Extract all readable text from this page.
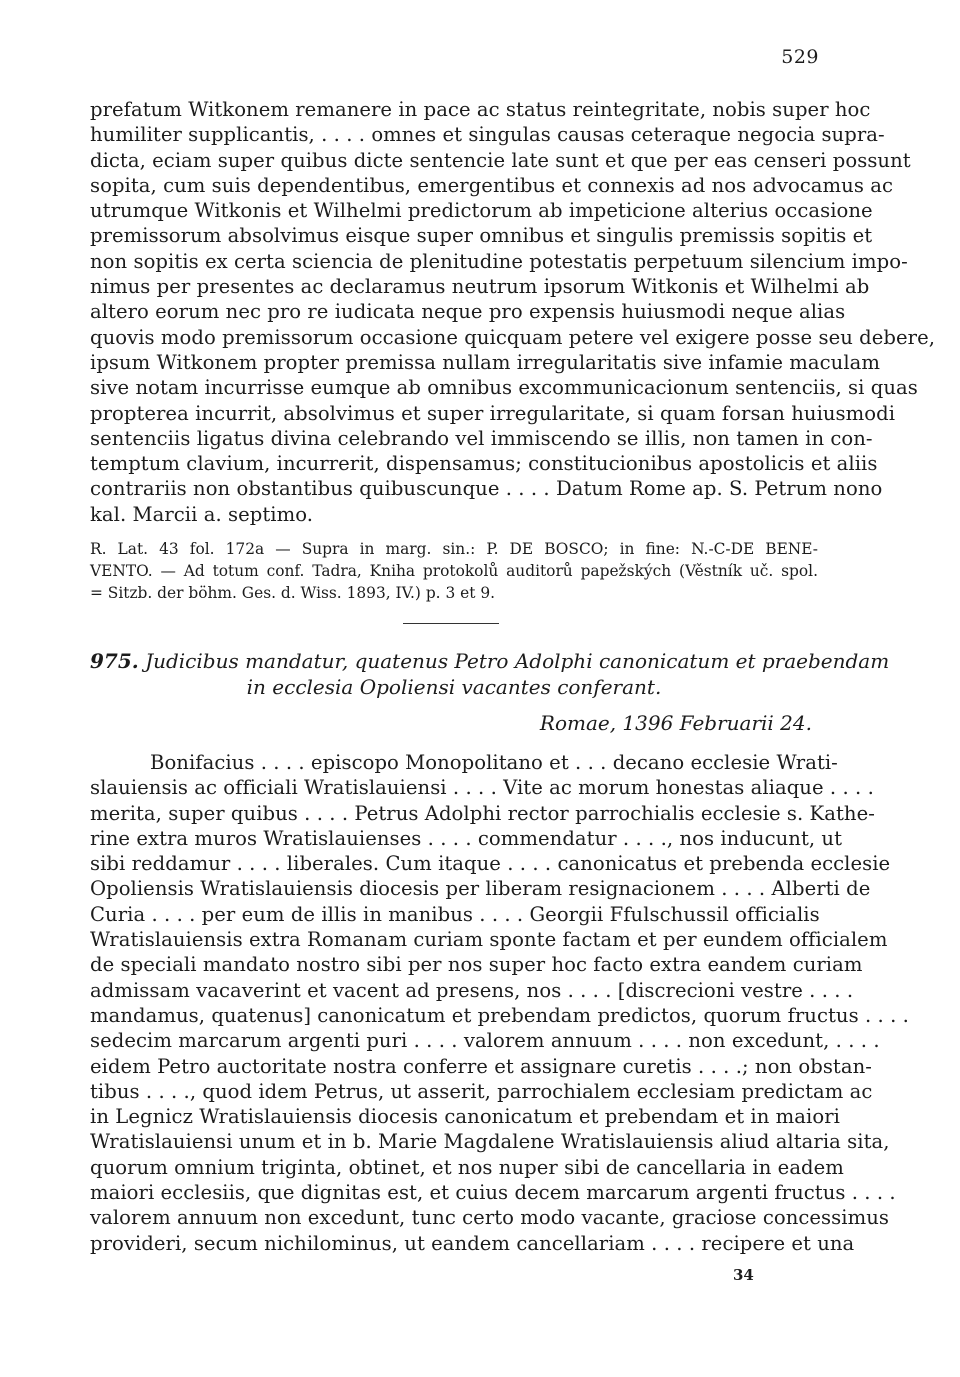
529
prefatum Witkonem remanere in pace ac status reintegritate, nobis super hoc
humiliter supplicantis, . . . . omnes et singulas causas ceteraque negocia supra-
dicta, eciam super quibus dicte sentencie late sunt et que per eas censeri possunt
sopita, cum suis dependentibus, emergentibus et connexis ad nos advocamus ac
utrumque Witkonis et Wilhelmi predictorum ab impeticione alterius occasione
premissorum absolvimus eisque super omnibus et singulis premissis sopitis et
non sopitis ex certa sciencia de plenitudine potestatis perpetuum silencium impo-
nimus per presentes ac declaramus neutrum ipsorum Witkonis et Wilhelmi ab
altero eorum nec pro re iudicata neque pro expensis huiusmodi neque alias
quovis modo premissorum occasione quicquam petere vel exigere posse seu debere,
ipsum Witkonem propter premissa nullam irregularitatis sive infamie maculam
sive notam incurrisse eumque ab omnibus excommunicacionum sentenciis, si quas
propterea incurrit, absolvimus et super irregularitate, si quam forsan huiusmodi
sentenciis ligatus divina celebrando vel immiscendo se illis, non tamen in con-
temptum clavium, incurrerit, dispensamus; constitucionibus apostolicis et aliis
contrariis non obstantibus quibuscunque . . . . Datum Rome ap. S. Petrum nono
kal. Marcii a. septimo.
R. Lat. 43 fol. 172a — Supra in marg. sin.: P. DE BOSCO; in fine: N.-C-DE BENE-
VENTO. — Ad totum conf. Tadra, Kniha protokolů auditorů papežských (Věstník uč. spol.
= Sitzb. der böhm. Ges. d. Wiss. 1893, IV.) p. 3 et 9.
975. Judicibus mandatur, quatenus Petro Adolphi canonicatum et praebendam
in ecclesia Opoliensi vacantes conferant.
Romae, 1396 Februarii 24.
Bonifacius . . . . episcopo Monopolitano et . . . decano ecclesie Wrati-
slauiensis ac officiali Wratislauiensi . . . . Vite ac morum honestas aliaque . . . .
merita, super quibus . . . . Petrus Adolphi rector parrochialis ecclesie s. Kathe-
rine extra muros Wratislauienses . . . . commendatur . . . ., nos inducunt, ut
sibi reddamur . . . . liberales. Cum itaque . . . . canonicatus et prebenda ecclesie
Opoliensis Wratislauiensis diocesis per liberam resignacionem . . . . Alberti de
Curia . . . . per eum de illis in manibus . . . . Georgii Ffulschussil officialis
Wratislauiensis extra Romanam curiam sponte factam et per eundem officialem
de speciali mandato nostro sibi per nos super hoc facto extra eandem curiam
admissam vacaverint et vacent ad presens, nos . . . . [discrecioni vestre . . . .
mandamus, quatenus] canonicatum et prebendam predictos, quorum fructus . . . .
sedecim marcarum argenti puri . . . . valorem annuum . . . . non excedunt, . . . .
eidem Petro auctoritate nostra conferre et assignare curetis . . . .; non obstan-
tibus . . . ., quod idem Petrus, ut asserit, parrochialem ecclesiam predictam ac
in Legnicz Wratislauiensis diocesis canonicatum et prebendam et in maiori
Wratislauiensi unum et in b. Marie Magdalene Wratislauiensis aliud altaria sita,
quorum omnium triginta, obtinet, et nos nuper sibi de cancellaria in eadem
maiori ecclesiis, que dignitas est, et cuius decem marcarum argenti fructus . . . .
valorem annuum non excedunt, tunc certo modo vacante, graciose concessimus
provideri, secum nichilominus, ut eandem cancellariam . . . . recipere et una
34
